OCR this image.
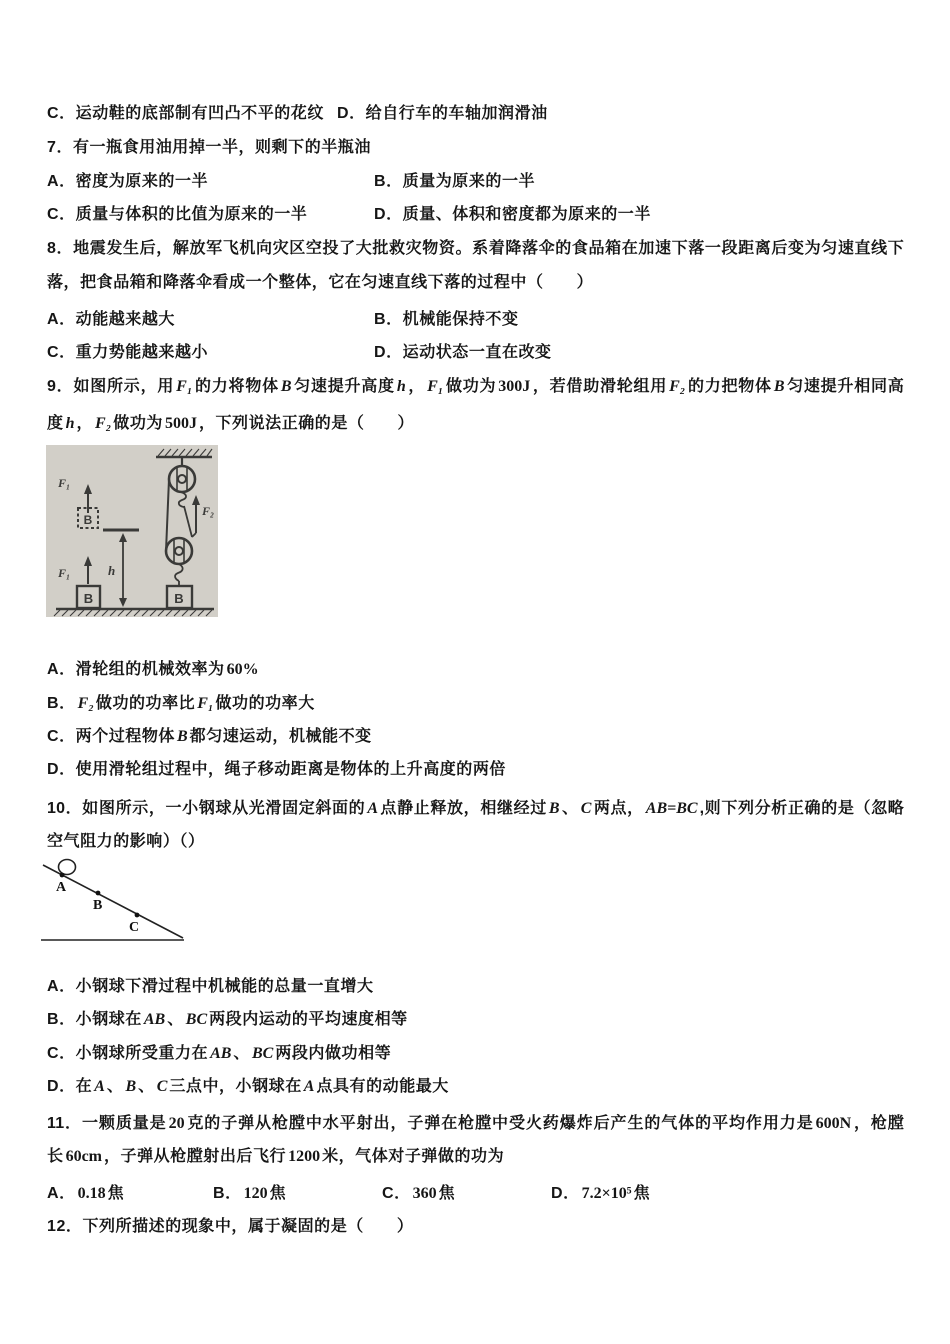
C．运动鞋的底部制有凹凸不平的花纹 D．给自行车的车轴加润滑油
7．有一瓶食用油用掉一半，则剩下的半瓶油
A．密度为原来的一半	B．质量为原来的一半
C．质量与体积的比值为原来的一半	D．质量、体积和密度都为原来的一半
8．地震发生后，解放军飞机向灾区空投了大批救灾物资。系着降落伞的食品箱在加速下落一段距离后变为匀速直线下
落，把食品箱和降落伞看成一个整体，它在匀速直线下落的过程中（　　）
A．动能越来越大	B．机械能保持不变
C．重力势能越来越小	D．运动状态一直在改变
9．如图所示，用 F₁ 的力将物体 B 匀速提升高度 h ， F₁ 做功为 300J ，若借助滑轮组用 F₂ 的力把物体 B 匀速提升相同高
度 h ， F₂ 做功为 500J ，下列说法正确的是（　　）
A．滑轮组的机械效率为 60%
B． F₂ 做功的功率比 F₁ 做功的功率大
C．两个过程物体 B 都匀速运动，机械能不变
D．使用滑轮组过程中，绳子移动距离是物体的上升高度的两倍
10．如图所示，一小钢球从光滑固定斜面的 A 点静止释放，相继经过 B 、 C 两点， AB=BC ,则下列分析正确的是（忽略
空气阻力的影响）（）
A．小钢球下滑过程中机械能的总量一直增大
B．小钢球在 AB 、 BC 两段内运动的平均速度相等
C．小钢球所受重力在 AB 、 BC 两段内做功相等
D．在 A 、 B 、 C 三点中，小钢球在 A 点具有的动能最大
11．一颗质量是 20 克的子弹从枪膛中水平射出，子弹在枪膛中受火药爆炸后产生的气体的平均作用力是 600N ，枪膛
长 60cm ，子弹从枪膛射出后飞行 1200 米，气体对子弹做的功为
A． 0.18 焦	B． 120 焦	C． 360 焦	D． 7.2×10⁵ 焦
12．下列所描述的现象中，属于凝固的是（　　）
F₂
B
F₁
B
h
F₁
B
A
B
C
